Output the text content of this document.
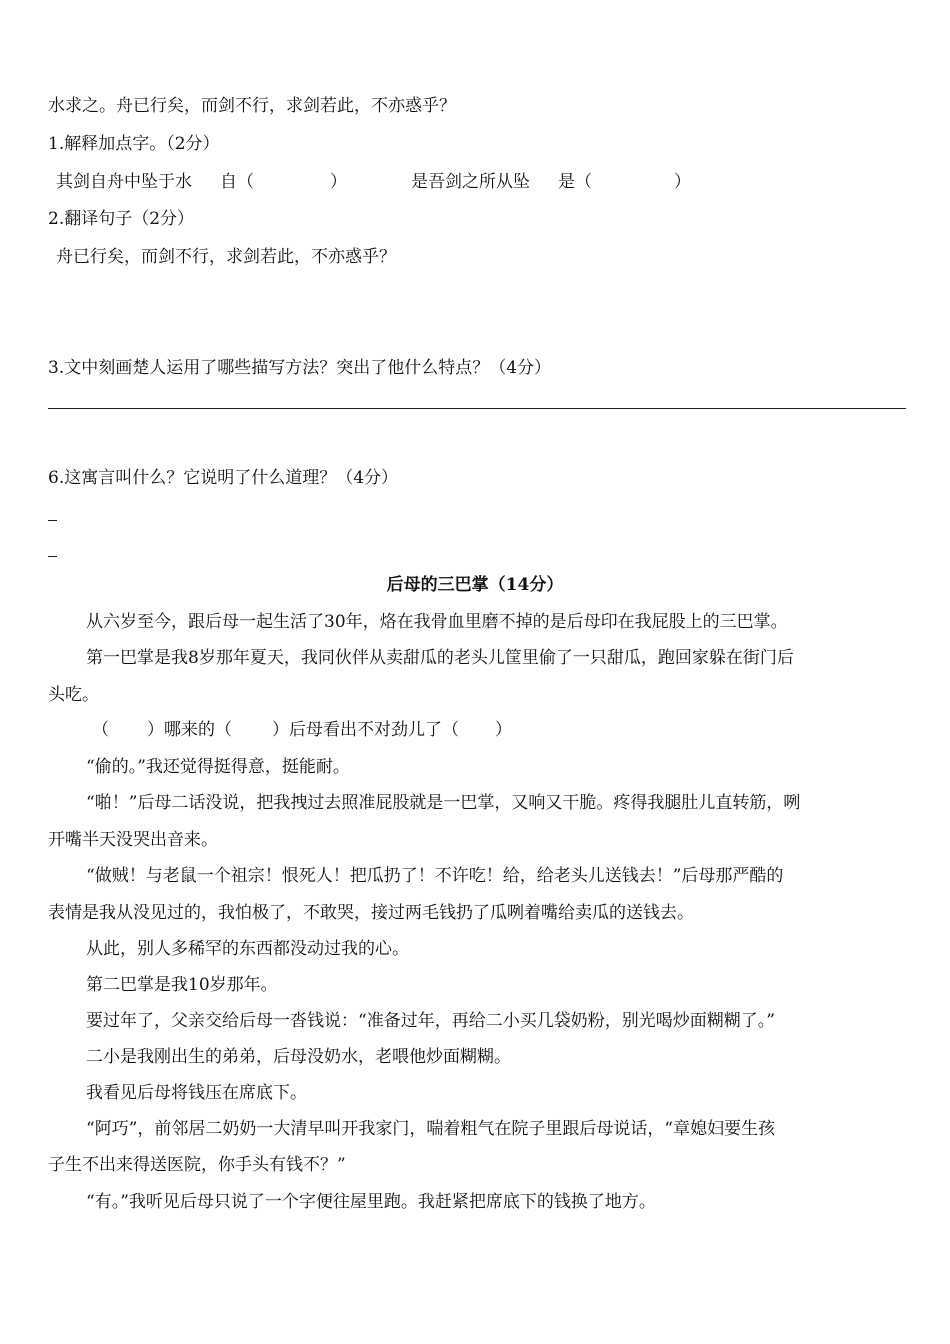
水求之。舟已行矣，而剑不行，求剑若此，不亦惑乎？
1.解释加点字。（2分）
其剑自舟中坠于水 自（	）	是吾剑之所从坠 是（	）
2.翻译句子（2分）
舟已行矣，而剑不行，求剑若此，不亦惑乎？
3.文中刻画楚人运用了哪些描写方法？突出了他什么特点？（4分）
6.这寓言叫什么？它说明了什么道理？（4分）
后母的三巴掌（14分）
从六岁至今，跟后母一起生活了30年，烙在我骨血里磨不掉的是后母印在我屁股上的三巴掌。
第一巴掌是我8岁那年夏天，我同伙伴从卖甜瓜的老头儿筐里偷了一只甜瓜，跑回家躲在街门后
头吃。
（ ）哪来的（ ）后母看出不对劲儿了（ ）
“偷的。”我还觉得挺得意，挺能耐。
“啪！”后母二话没说，把我拽过去照准屁股就是一巴掌，又响又干脆。疼得我腿肚儿直转筋，咧
开嘴半天没哭出音来。
“做贼！与老鼠一个祖宗！恨死人！把瓜扔了！不许吃！给，给老头儿送钱去！”后母那严酷的
表情是我从没见过的，我怕极了，不敢哭，接过两毛钱扔了瓜咧着嘴给卖瓜的送钱去。
从此，别人多稀罕的东西都没动过我的心。
第二巴掌是我10岁那年。
要过年了，父亲交给后母一沓钱说：“准备过年，再给二小买几袋奶粉，别光喝炒面糊糊了。”
二小是我刚出生的弟弟，后母没奶水，老喂他炒面糊糊。
我看见后母将钱压在席底下。
“阿巧”，前邻居二奶奶一大清早叫开我家门，喘着粗气在院子里跟后母说话，“章媳妇要生孩
子生不出来得送医院，你手头有钱不？”
“有。”我听见后母只说了一个字便往屋里跑。我赶紧把席底下的钱换了地方。
